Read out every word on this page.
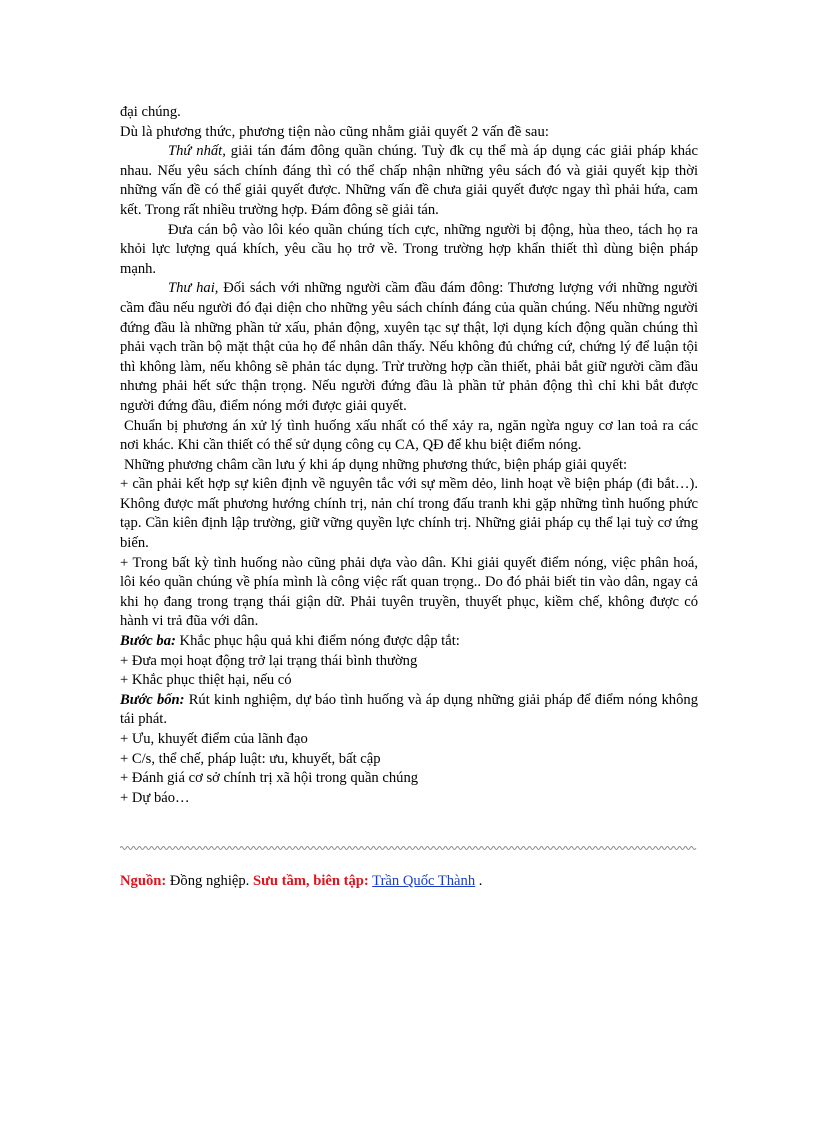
đại chúng.

Dù là phương thức, phương tiện nào cũng nhằm giải quyết 2 vấn đề sau:

Thứ nhất, giải tán đám đông quần chúng. Tuỳ đk cụ thể mà áp dụng các giải pháp khác nhau. Nếu yêu sách chính đáng thì có thể chấp nhận những yêu sách đó và giải quyết kịp thời những vấn đề có thể giải quyết được. Những vấn đề chưa giải quyết được ngay thì phải hứa, cam kết. Trong rất nhiều trường hợp. Đám đông sẽ giải tán.

Đưa cán bộ vào lôi kéo quần chúng tích cực, những người bị động, hùa theo, tách họ ra khỏi lực lượng quá khích, yêu cầu họ trở về. Trong trường hợp khẩn thiết thì dùng biện pháp mạnh.

Thư hai, Đối sách với những người cầm đầu đám đông: Thương lượng với những người cầm đầu nếu người đó đại diện cho những yêu sách chính đáng của quần chúng. Nếu những người đứng đầu là những phần tử xấu, phản động, xuyên tạc sự thật, lợi dụng kích động quần chúng thì phải vạch trần bộ mặt thật của họ để nhân dân thấy. Nếu không đủ chứng cứ, chứng lý để luận tội thì không làm, nếu không sẽ phản tác dụng. Trừ trường hợp cần thiết, phải bắt giữ người cầm đầu nhưng phải hết sức thận trọng. Nếu người đứng đầu là phần tử phản động thì chỉ khi bắt được người đứng đầu, điểm nóng mới được giải quyết.

Chuẩn bị phương án xử lý tình huống xấu nhất có thể xảy ra, ngăn ngừa nguy cơ lan toả ra các nơi khác. Khi cần thiết có thể sử dụng công cụ CA, QĐ để khu biệt điểm nóng.

Những phương châm cần lưu ý khi áp dụng những phương thức, biện pháp giải quyết:

+ cần phải kết hợp sự kiên định về nguyên tắc với sự mềm dẻo, linh hoạt về biện pháp (đi bắt…). Không được mất phương hướng chính trị, nản chí trong đấu tranh khi gặp những tình huống phức tạp. Cần kiên định lập trường, giữ vững quyền lực chính trị. Những giải pháp cụ thể lại tuỳ cơ ứng biến.

+ Trong bất kỳ tình huống nào cũng phải dựa vào dân. Khi giải quyết điểm nóng, việc phân hoá, lôi kéo quần chúng về phía mình là công việc rất quan trọng.. Do đó phải biết tin vào dân, ngay cả khi họ đang trong trạng thái giận dữ. Phải tuyên truyền, thuyết phục, kiềm chế, không được có hành vi trả đũa với dân.

Bước ba: Khắc phục hậu quả khi điểm nóng được dập tắt:

+ Đưa mọi hoạt động trở lại trạng thái bình thường

+ Khắc phục thiệt hại, nếu có

Bước bốn: Rút kinh nghiệm, dự báo tình huống và áp dụng những giải pháp để điểm nóng không tái phát.

+ Ưu, khuyết điểm của lãnh đạo

+ C/s, thể chế, pháp luật: ưu, khuyết, bất cập

+ Đánh giá cơ sở chính trị xã hội trong quần chúng

+ Dự báo…

Nguồn: Đồng nghiệp. Sưu tầm, biên tập: Trần Quốc Thành .
